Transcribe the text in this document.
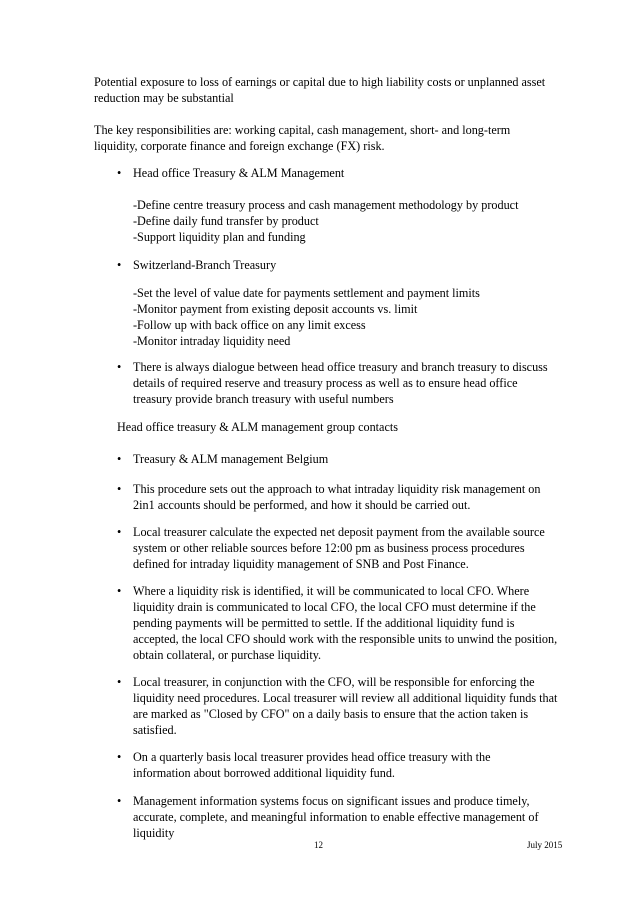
Potential exposure to loss of earnings or capital due to high liability costs or unplanned asset reduction may be substantial

The key responsibilities are: working capital, cash management, short- and long-term liquidity, corporate finance and foreign exchange (FX) risk.

• Head office Treasury & ALM Management

-Define centre treasury process and cash management methodology by product
-Define daily fund transfer by product
-Support liquidity plan and funding
• Switzerland-Branch Treasury

-Set the level of value date for payments settlement and payment limits
-Monitor payment from existing deposit accounts vs. limit
-Follow up with back office on any limit excess
-Monitor intraday liquidity need
• There is always dialogue between head office treasury and branch treasury to discuss details of required reserve and treasury process as well as to ensure head office treasury provide branch treasury with useful numbers

Head office treasury & ALM management group contacts

• Treasury & ALM management Belgium

• This procedure sets out the approach to what intraday liquidity risk management on 2in1 accounts should be performed, and how it should be carried out.

• Local treasurer calculate the expected net deposit payment from the available source system or other reliable sources before 12:00 pm as business process procedures defined for intraday liquidity management of SNB and Post Finance.

• Where a liquidity risk is identified, it will be communicated to local CFO. Where liquidity drain is communicated to local CFO, the local CFO must determine if the pending payments will be permitted to settle. If the additional liquidity fund is accepted, the local CFO should work with the responsible units to unwind the position, obtain collateral, or purchase liquidity.

• Local treasurer, in conjunction with the CFO, will be responsible for enforcing the liquidity need procedures. Local treasurer will review all additional liquidity funds that are marked as "Closed by CFO" on a daily basis to ensure that the action taken is satisfied.

• On a quarterly basis local treasurer provides head office treasury with the information about borrowed additional liquidity fund.

• Management information systems focus on significant issues and produce timely, accurate, complete, and meaningful information to enable effective management of liquidity

12	July 2015
